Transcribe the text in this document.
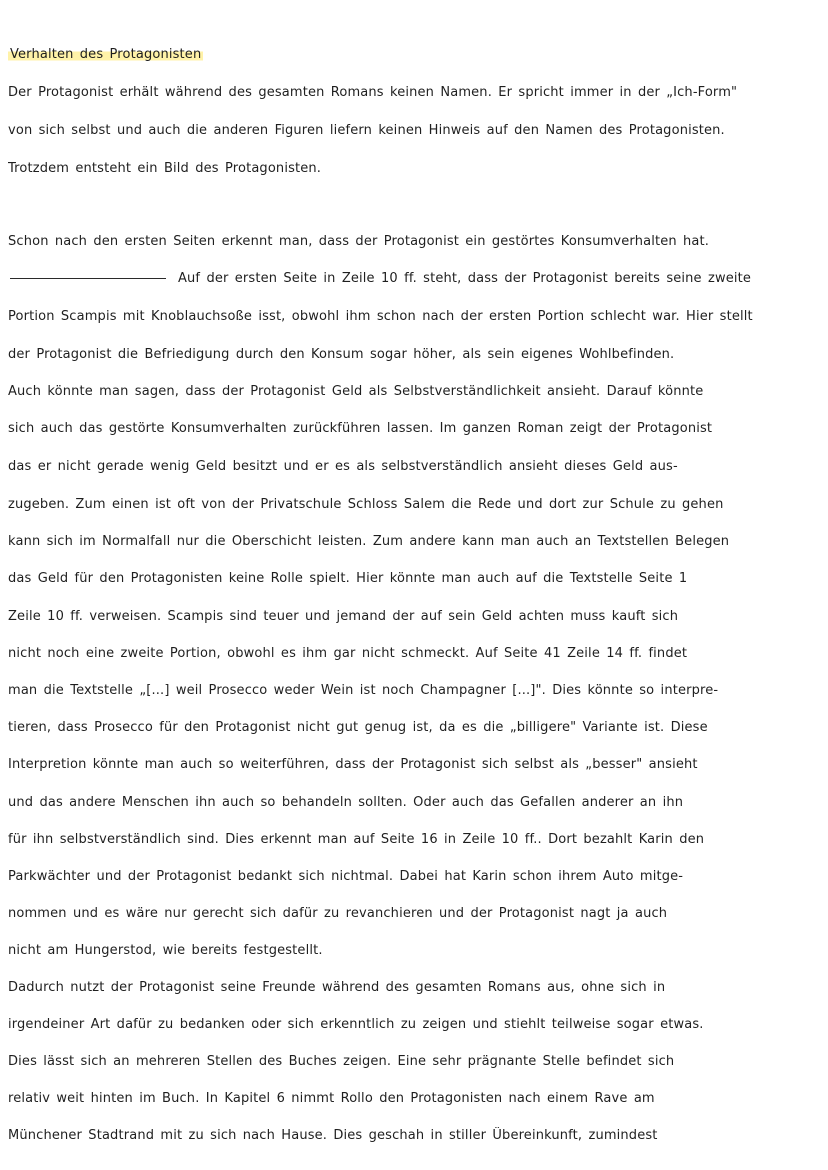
Verhalten des Protagonisten
Der Protagonist erhält während des gesamten Romans keinen Namen. Er spricht immer in der „Ich-Form"
von sich selbst und auch die anderen Figuren liefern keinen Hinweis auf den Namen des Protagonisten.
Trotzdem entsteht ein Bild des Protagonisten.
Schon nach den ersten Seiten erkennt man, dass der Protagonist ein gestörtes Konsumverhalten hat.
Auf der ersten Seite in Zeile 10 ff. steht, dass der Protagonist bereits seine zweite
Portion Scampis mit Knoblauchsoße isst, obwohl ihm schon nach der ersten Portion schlecht war. Hier stellt
der Protagonist die Befriedigung durch den Konsum sogar höher, als sein eigenes Wohlbefinden.
Auch könnte man sagen, dass der Protagonist Geld als Selbstverständlichkeit ansieht. Darauf könnte
sich auch das gestörte Konsumverhalten zurückführen lassen. Im ganzen Roman zeigt der Protagonist
das er nicht gerade wenig Geld besitzt und er es als selbstverständlich ansieht dieses Geld aus-
zugeben. Zum einen ist oft von der Privatschule Schloss Salem die Rede und dort zur Schule zu gehen
kann sich im Normalfall nur die Oberschicht leisten. Zum andere kann man auch an Textstellen Belegen
das Geld für den Protagonisten keine Rolle spielt. Hier könnte man auch auf die Textstelle Seite 1
Zeile 10 ff. verweisen. Scampis sind teuer und jemand der auf sein Geld achten muss kauft sich
nicht noch eine zweite Portion, obwohl es ihm gar nicht schmeckt. Auf Seite 41 Zeile 14 ff. findet
man die Textstelle „[...] weil Prosecco weder Wein ist noch Champagner [...]". Dies könnte so interpre-
tieren, dass Prosecco für den Protagonist nicht gut genug ist, da es die „billigere" Variante ist. Diese
Interpretion könnte man auch so weiterführen, dass der Protagonist sich selbst als „besser" ansieht
und das andere Menschen ihn auch so behandeln sollten. Oder auch das Gefallen anderer an ihn
für ihn selbstverständlich sind. Dies erkennt man auf Seite 16 in Zeile 10 ff.. Dort bezahlt Karin den
Parkwächter und der Protagonist bedankt sich nichtmal. Dabei hat Karin schon ihrem Auto mitge-
nommen und es wäre nur gerecht sich dafür zu revanchieren und der Protagonist nagt ja auch
nicht am Hungerstod, wie bereits festgestellt.
Dadurch nutzt der Protagonist seine Freunde während des gesamten Romans aus, ohne sich in
irgendeiner Art dafür zu bedanken oder sich erkenntlich zu zeigen und stiehlt teilweise sogar etwas.
Dies lässt sich an mehreren Stellen des Buches zeigen. Eine sehr prägnante Stelle befindet sich
relativ weit hinten im Buch. In Kapitel 6 nimmt Rollo den Protagonisten nach einem Rave am
Münchener Stadtrand mit zu sich nach Hause. Dies geschah in stiller Übereinkunft, zumindest
